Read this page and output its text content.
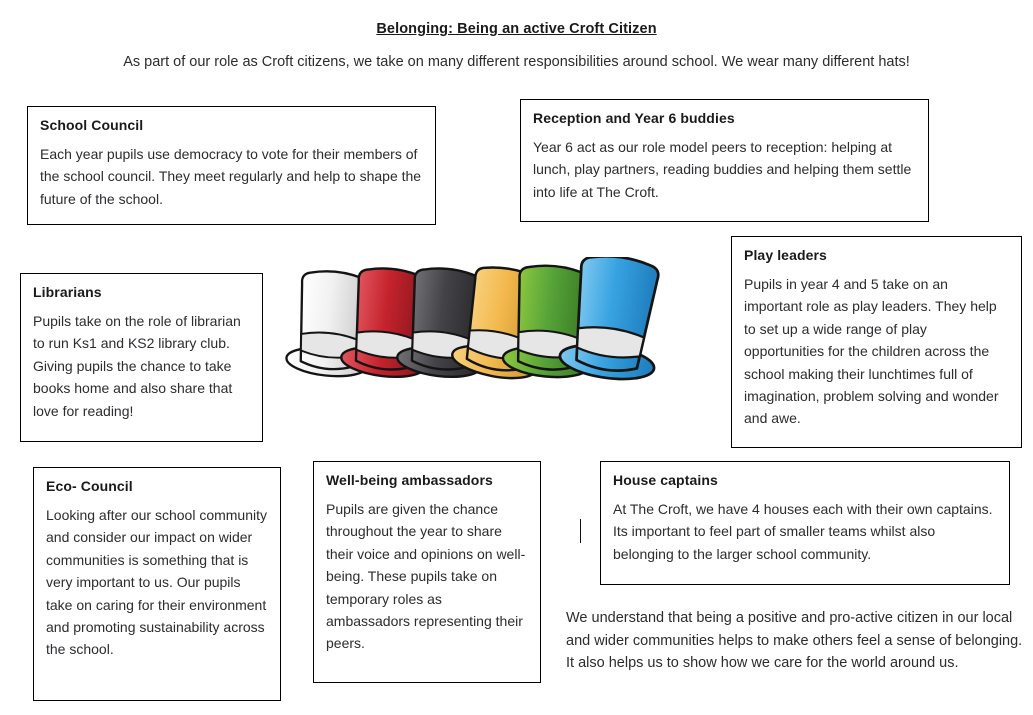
Belonging: Being an active Croft Citizen
As part of our role as Croft citizens, we take on many different responsibilities around school. We wear many different hats!
School Council

Each year pupils use democracy to vote for their members of the school council. They meet regularly and help to shape the future of the school.

Reception and Year 6 buddies

Year 6 act as our role model peers to reception: helping at lunch, play partners, reading buddies and helping them settle into life at The Croft.

Play leaders

Pupils in year 4 and 5 take on an important role as play leaders. They help to set up a wide range of play opportunities for the children across the school making their lunchtimes full of imagination, problem solving and wonder and awe.

Librarians

Pupils take on the role of librarian to run Ks1 and KS2 library club. Giving pupils the chance to take books home and also share that love for reading!

Eco- Council

Looking after our school community and consider our impact on wider communities is something that is very important to us. Our pupils take on caring for their environment and promoting sustainability across the school.

Well-being ambassadors

Pupils are given the chance throughout the year to share their voice and opinions on well-being. These pupils take on temporary roles as ambassadors representing their peers.

House captains

At The Croft, we have 4 houses each with their own captains. Its important to feel part of smaller teams whilst also belonging to the larger school community.

We understand that being a positive and pro-active citizen in our local and wider communities helps to make others feel a sense of belonging. It also helps us to show how we care for the world around us.
